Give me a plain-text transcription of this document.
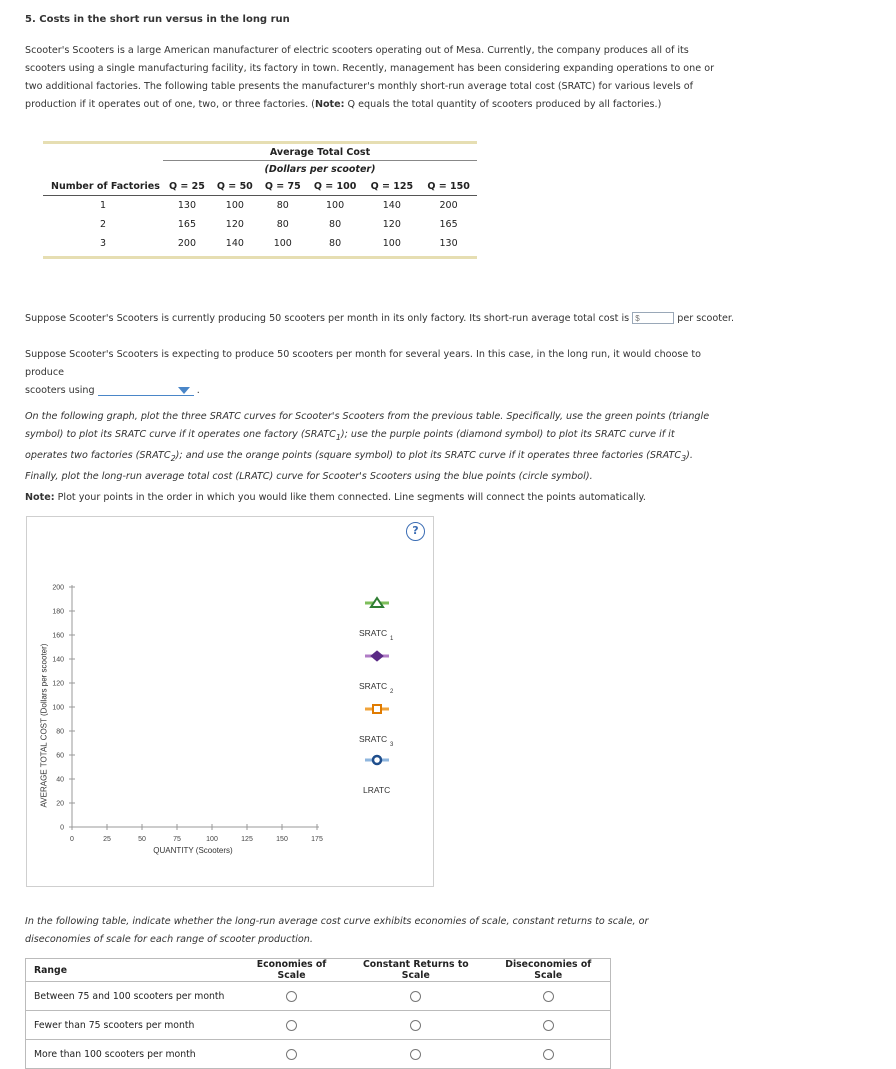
5. Costs in the short run versus in the long run
Scooter's Scooters is a large American manufacturer of electric scooters operating out of Mesa. Currently, the company produces all of its scooters using a single manufacturing facility, its factory in town. Recently, management has been considering expanding operations to one or two additional factories. The following table presents the manufacturer's monthly short-run average total cost (SRATC) for various levels of production if it operates out of one, two, or three factories. (Note: Q equals the total quantity of scooters produced by all factories.)
	Average Total Cost					
	(Dollars per scooter)					
Number of Factories	Q = 25	Q = 50	Q = 75	Q = 100	Q = 125	Q = 150
1	130	100	80	100	140	200
2	165	120	80	80	120	165
3	200	140	100	80	100	130
Suppose Scooter's Scooters is currently producing 50 scooters per month in its only factory. Its short-run average total cost is $	per scooter.
Suppose Scooter's Scooters is expecting to produce 50 scooters per month for several years. In this case, in the long run, it would choose to produce
scooters using	.
On the following graph, plot the three SRATC curves for Scooter's Scooters from the previous table. Specifically, use the green points (triangle symbol) to plot its SRATC curve if it operates one factory $(SRATC_1)$; use the purple points (diamond symbol) to plot its SRATC curve if it operates two factories $(SRATC_2)$; and use the orange points (square symbol) to plot its SRATC curve if it operates three factories $(SRATC_3)$. Finally, plot the long-run average total cost (LRATC) curve for Scooter's Scooters using the blue points (circle symbol).
Note: Plot your points in the order in which you would like them connected. Line segments will connect the points automatically.
?
AVERAGE TOTAL COST (Dollars per scooter)
0
20
40
60
80
100
120
140
160
180
200
0	25	50	75	100	125	150	175
QUANTITY (Scooters)
SRATC
1
SRATC
2
SRATC
3
LRATC
In the following table, indicate whether the long-run average cost curve exhibits economies of scale, constant returns to scale, or diseconomies of scale for each range of scooter production.
Range	Economies of Scale	Constant Returns to Scale	Diseconomies of Scale
Between 75 and 100 scooters per month			
Fewer than 75 scooters per month			
More than 100 scooters per month			
